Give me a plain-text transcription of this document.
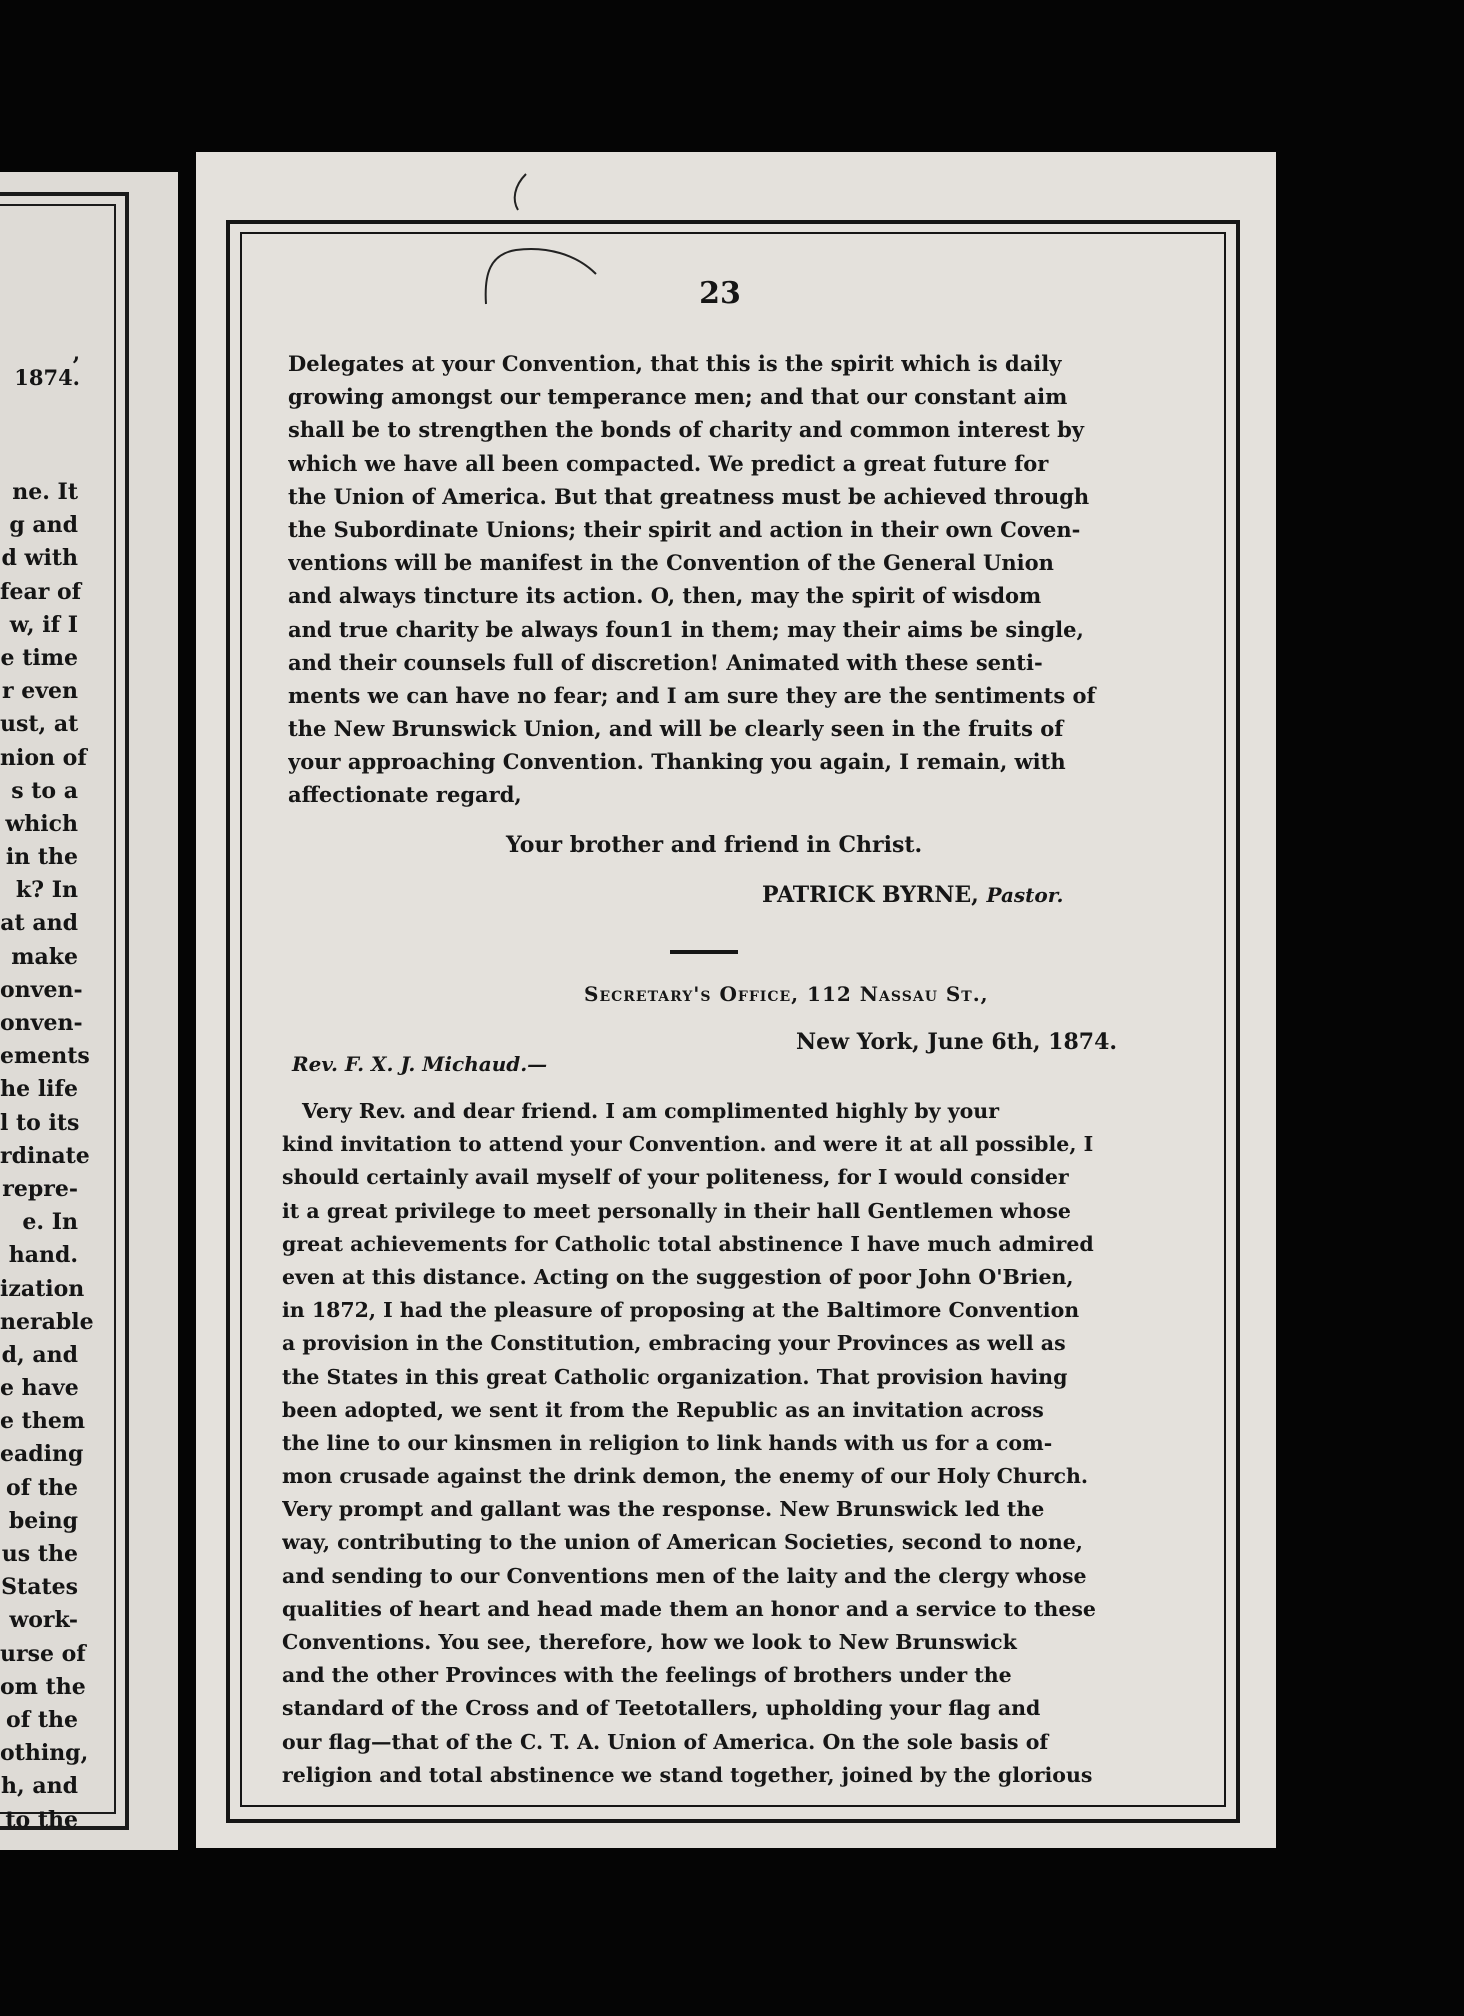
, 1874.
ne. It
g and
d with
fear of
w, if I
e time
r even
ust, at
nion of
s to a
which
in the
k? In
at and
make
onven-
onven-
ements
he life
l to its
rdinate
repre-
e. In
hand.
ization
nerable
d, and
e have
e them
eading
of the
being
us the
States
work-
urse of
om the
of the
othing,
h, and
to the
23
Delegates at your Convention, that this is the spirit which is daily
growing amongst our temperance men; and that our constant aim
shall be to strengthen the bonds of charity and common interest by
which we have all been compacted. We predict a great future for
the Union of America. But that greatness must be achieved through
the Subordinate Unions; their spirit and action in their own Coven-
ventions will be manifest in the Convention of the General Union
and always tincture its action. O, then, may the spirit of wisdom
and true charity be always foun1 in them; may their aims be single,
and their counsels full of discretion! Animated with these senti-
ments we can have no fear; and I am sure they are the sentiments of
the New Brunswick Union, and will be clearly seen in the fruits of
your approaching Convention. Thanking you again, I remain, with
affectionate regard,
Your brother and friend in Christ.
PATRICK BYRNE, Pastor.
Secretary's Office, 112 Nassau St.,
New York, June 6th, 1874.
Rev. F. X. J. Michaud.—
Very Rev. and dear friend. I am complimented highly by your
kind invitation to attend your Convention. and were it at all possible, I
should certainly avail myself of your politeness, for I would consider
it a great privilege to meet personally in their hall Gentlemen whose
great achievements for Catholic total abstinence I have much admired
even at this distance. Acting on the suggestion of poor John O'Brien,
in 1872, I had the pleasure of proposing at the Baltimore Convention
a provision in the Constitution, embracing your Provinces as well as
the States in this great Catholic organization. That provision having
been adopted, we sent it from the Republic as an invitation across
the line to our kinsmen in religion to link hands with us for a com-
mon crusade against the drink demon, the enemy of our Holy Church.
Very prompt and gallant was the response. New Brunswick led the
way, contributing to the union of American Societies, second to none,
and sending to our Conventions men of the laity and the clergy whose
qualities of heart and head made them an honor and a service to these
Conventions. You see, therefore, how we look to New Brunswick
and the other Provinces with the feelings of brothers under the
standard of the Cross and of Teetotallers, upholding your flag and
our flag—that of the C. T. A. Union of America. On the sole basis of
religion and total abstinence we stand together, joined by the glorious
